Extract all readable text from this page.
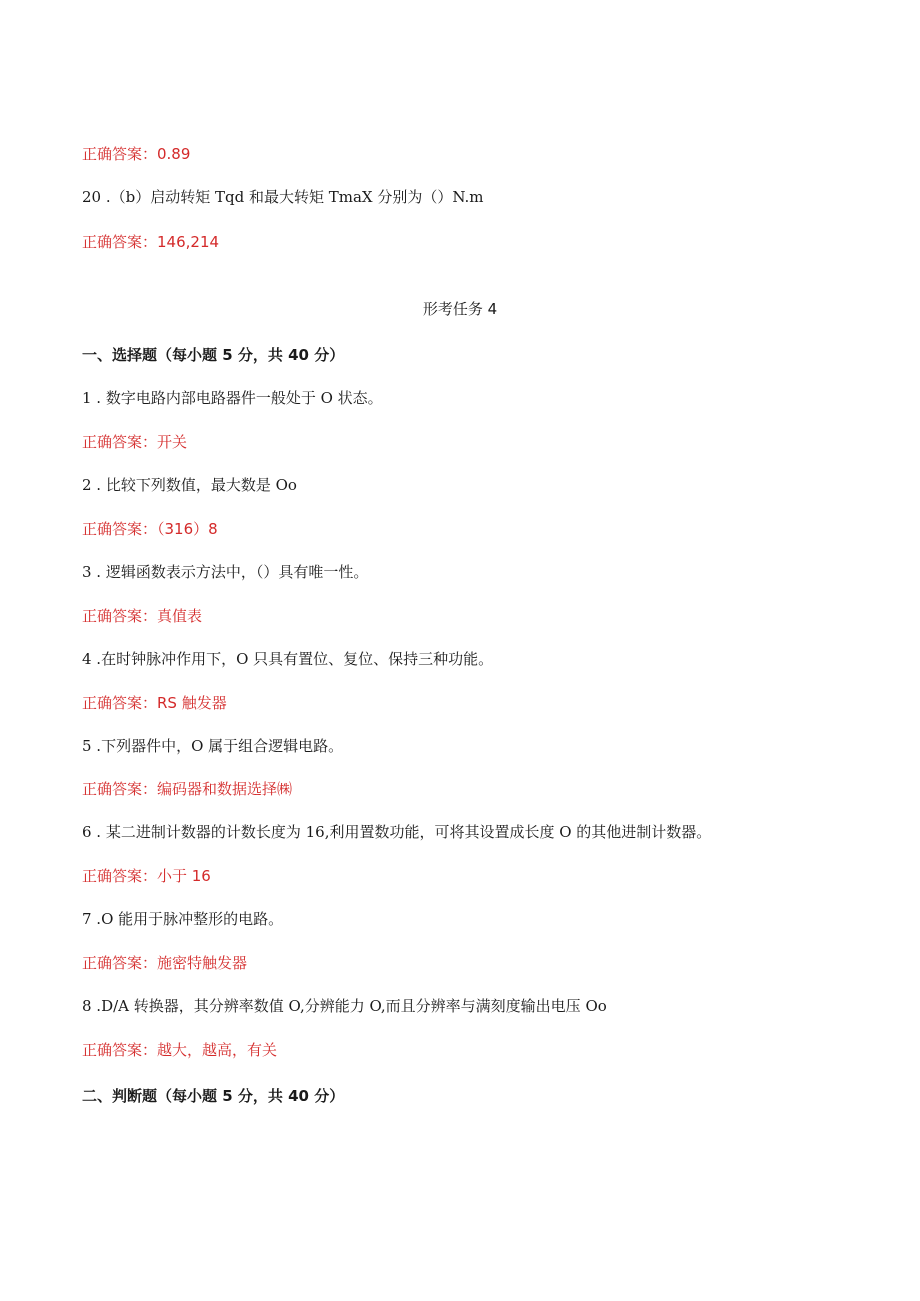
正确答案：0.89
20 .（b）启动转矩 Tqd 和最大转矩 TmaX 分别为（）N.m
正确答案：146,214
形考任务 4
一、选择题（每小题 5 分，共 40 分）
1 . 数字电路内部电路器件一般处于 O 状态。
正确答案：开关
2 . 比较下列数值，最大数是 Oo
正确答案：（316）8
3 . 逻辑函数表示方法中，（）具有唯一性。
正确答案：真值表
4 .在时钟脉冲作用下，O 只具有置位、复位、保持三种功能。
正确答案：RS 触发器
5 .下列器件中，O 属于组合逻辑电路。
正确答案：编码器和数据选择㈱
6 . 某二进制计数器的计数长度为 16,利用置数功能，可将其设置成长度 O 的其他进制计数器。
正确答案：小于 16
7 .O 能用于脉冲整形的电路。
正确答案：施密特触发器
8 .D/A 转换器，其分辨率数值 O,分辨能力 O,而且分辨率与满刻度输出电压 Oo
正确答案：越大，越高，有关
二、判断题（每小题 5 分，共 40 分）
